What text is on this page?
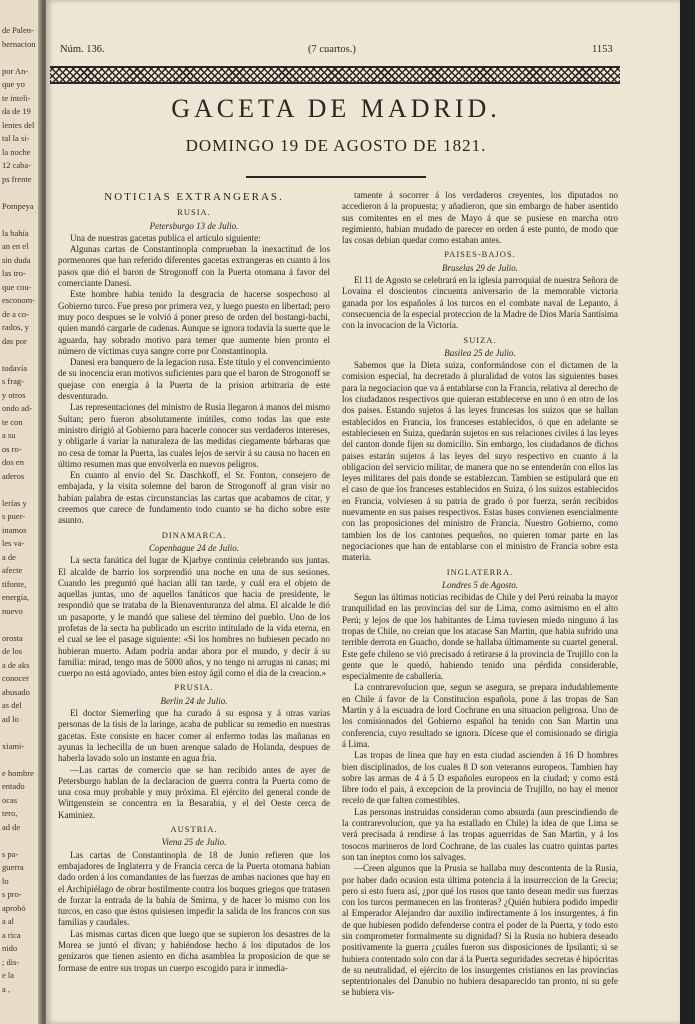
de Palen-
bernacion
por An-
que yo
te inteli-
da de 19
lentes del
tal la si-
la noche
12 caba-
ps frente
Pompeya
la bahía
an en el
sin duda
las tro-
que cou-
esconom-
de a co-
rados, y
das por
todavía
s frag-
y otros
ondo ad-
te con
a su
os ro-
dos en
aderos
lerías y
s puer-
inamos
les va-
a de
afecte
tifonte,
energía,
nuevo
orosta
de los
a de aks
conocer
abusado
as del
ad lo
xiami-
e hombre
entado
ocas
tero,
ad de
s pa-
guerra
lo
s pro-
aprobó
a al
a rica
nido
; dis-
e la
a ,
Núm. 136.	(7 cuartos.)	1153
GACETA DE MADRID.
DOMINGO 19 DE AGOSTO DE 1821.

NOTICIAS EXTRANGERAS.

RUSIA.

Petersburgo 13 de Julio.

Una de nuestras gacetas publica el artículo siguiente:

Algunas cartas de Constantinopla comprueban la inexactitud de los pormenores que han referido diferentes gacetas extrangeras en cuanto á los pasos que dió el baron de Strogonoff con la Puerta otomana á favor del comerciante Danesi.

Este hombre habia tenido la desgracia de hacerse sospechoso al Gobierno turco. Fue preso por primera vez, y luego puesto en libertad; pero muy poco despues se le volvió á poner preso de orden del bostangi-bachi, quien mandó cargarle de cadenas. Aunque se ignora todavía la suerte que le aguarda, hay sobrado motivo para temer que aumente bien pronto el número de víctimas cuya sangre corre por Constantinopla.

Danesi era banquero de la legacion rusa. Este título y el convencimiento de su inocencia eran motivos suficientes para que el baron de Strogonoff se quejase con energía á la Puerta de la prision arbitraria de este desventurado.

Las representaciones del ministro de Rusia llegaron á manos del mismo Sultan; pero fueron absolutamente inútiles, como todas las que este ministro dirigió al Gobierno para hacerle conocer sus verdaderos intereses, y obligarle á variar la naturaleza de las medidas ciegamente bárbaras que no cesa de tomar la Puerta, las cuales lejos de servir á su causa no hacen en último resumen mas que envolverla en nuevos peligros.

En cuanto al envío del Sr. Daschkoff, el Sr. Fonton, consejero de embajada, y la visita solemne del baron de Strogonoff al gran visir no habian palabra de estas circunstancias las cartas que acabamos de citar, y creemos que carece de fundamento todo cuanto se ha dicho sobre este asunto.

DINAMARCA.

Copenhague 24 de Julio.

La secta fanática del lugar de Kjarbye continúa celebrando sus juntas. El alcalde de barrio los sorprendió una noche en una de sus sesiones. Cuando les preguntó qué hacian allí tan tarde, y cuál era el objeto de aquellas juntas, uno de aquellos fanáticos que hacia de presidente, le respondió que se trataba de la Bienaventuranza del alma. El alcalde le dió un pasaporte, y le mandó que saliese del término del pueblo. Uno de los profetas de la secta ha publicado un escrito intitulado de la vida eterna, en el cual se lee el pasage siguiente: «Si los hombres no hubiesen pecado no hubieran muerto. Adam podria andar ahora por el mundo, y decir á su familia: mirad, tengo mas de 5000 años, y no tengo ni arrugas ni canas; mi cuerpo no está agoviado, antes bien estoy ágil como el dia de la creacion.»

PRUSIA.

Berlin 24 de Julio.

El doctor Siemerling que ha curado á su esposa y á otras varias personas de la tisis de la laringe, acaba de publicar su remedio en nuestras gacetas. Este consiste en hacer comer al enfermo todas las mañanas en ayunas la lechecilla de un buen arenque salado de Holanda, despues de haberla lavado solo un instante en agua fria.

—Las cartas de comercio que se han recibido antes de ayer de Petersburgo hablan de la declaracion de guerra contra la Puerta como de una cosa muy probable y muy próxima. El ejército del general conde de Wittgenstein se concentra en la Besarabia, y el del Oeste cerca de Kaminiez.

AUSTRIA.

Viena 25 de Julio.

Las cartas de Constantinopla de 18 de Junio refieren que los embajadores de Inglaterra y de Francia cerca de la Puerta otomana habian dado orden á los comandantes de las fuerzas de ambas naciones que hay en el Archipiélago de obrar hostilmente contra los buques griegos que tratasen de forzar la entrada de la bahía de Smirna, y de hacer lo mismo con los turcos, en caso que éstos quisiesen impedir la salida de los francos con sus familias y caudales.

Las mismas cartas dicen que luego que se supieron los desastres de la Morea se juntó el divan; y habiéndose hecho á los diputados de los genízaros que tienen asiento en dicha asamblea la proposicion de que se formase de entre sus tropas un cuerpo escogido para ir inmedia-

tamente á socorrer á los verdaderos creyentes, los diputados no accedieron á la propuesta; y añadieron, que sin embargo de haber asentido sus comitentes en el mes de Mayo á que se pusiese en marcha otro regimiento, habian mudado de parecer en orden á este punto, de modo que las cosas debian quedar como estaban antes.

PAISES-BAJOS.

Bruselas 29 de Julio.

El 11 de Agosto se celebrará en la iglesia parroquial de nuestra Señora de Lovaina el doscientos cincuenta aniversario de la memorable victoria ganada por los españoles á los turcos en el combate naval de Lepanto, á consecuencia de la especial proteccion de la Madre de Dios María Santísima con la invocacion de la Victoria.

SUIZA.

Basilea 25 de Julio.

Sabemos que la Dieta suiza, conformándose con el dictamen de la comision especial, ha decretado á pluralidad de votos las siguientes bases para la negociacion que va á entablarse con la Francia, relativa al derecho de los ciudadanos respectivos que quieran establecerse en uno ó en otro de los dos paises. Estando sujetos á las leyes francesas los suizos que se hallan establecidos en Francia, los franceses establecidos, ó que en adelante se estableciesen en Suiza, quedarán sujetos en sus relaciones civiles á las leyes del canton donde fijen su domicilio. Sin embargo, los ciudadanos de dichos paises estarán sujetos á las leyes del suyo respectivo en cuanto á la obligacion del servicio militar, de manera que no se entenderán con ellos las leyes militares del pais donde se establezcan. Tambien se estipulará que en el caso de que los franceses establecidos en Suiza, ó los suizos establecidos en Francia, volviesen á su patria de grado ó por fuerza, serán recibidos nuevamente en sus paises respectivos. Estas bases convienen esencialmente con las proposiciones del ministro de Francia. Nuestro Gobierno, como tambien los de los cantones pequeños, no quieren tomar parte en las negociaciones que han de entablarse con el ministro de Francia sobre esta materia.

INGLATERRA.

Londres 5 de Agosto.

Segun las últimas noticias recibidas de Chile y del Perú reinaba la mayor tranquilidad en las provincias del sur de Lima, como asimismo en el alto Perú; y lejos de que los habitantes de Lima tuviesen miedo ninguno á las tropas de Chile, no creian que los atacase San Martin, que habia sufrido una terrible derrota en Guacho, donde se hallaba últimamente su cuartel general. Este gefe chileno se vió precisado á retirarse á la provincia de Trujillo con la gente que le quedó, habiendo tenido una pérdida considerable, especialmente de caballería.

La contrarevolucion que, segun se asegura, se prepara indudablemente en Chile á favor de la Constitucion española, pone á las tropas de San Martin y á la escuadra de lord Cochrane en una situacion peligrosa. Uno de los comisionados del Gobierno español ha tenido con San Martin una conferencia, cuyo resultado se ignora. Dícese que el comisionado se dirigia á Lima.

Las tropas de línea que hay en esta ciudad ascienden á 16 D hombres bien disciplinados, de los cuales 8 D son veteranos europeos. Tambien hay sobre las armas de 4 á 5 D españoles europeos en la ciudad; y como está libre todo el pais, á excepcion de la provincia de Trujillo, no hay el menor recelo de que falten comestibles.

Las personas instruidas consideran como absurda (aun prescindiendo de la contrarevolucion, que ya ha estallado en Chile) la idea de que Lima se verá precisada á rendirse á las tropas aguerridas de San Martin, y á los tosocos marineros de lord Cochrane, de las cuales las cuatro quintas partes son tan ineptos como los salvages.

—Creen algunos que la Prusia se hallaba muy descontenta de la Rusia, por haber dado ocasion esta última potencia á la insurreccion de la Grecia; pero si esto fuera así, ¿por qué los rusos que tanto desean medir sus fuerzas con los turcos permanecen en las fronteras? ¿Quién hubiera podido impedir al Emperador Alejandro dar auxilio indirectamente á los insurgentes, á fin de que hubiesen podido defenderse contra el poder de la Puerta, y todo esto sin comprometer formalmente su dignidad? Si la Rusia no hubiera deseado positivamente la guerra ¿cuáles fueron sus disposiciones de Ipsilanti; si se hubiera contentado solo con dar á la Puerta seguridades secretas é hipócritas de su neutralidad, el ejército de los insurgentes cristianos en las provincias septentrionales del Danubio no hubiera desaparecido tan pronto, ni su gefe se hubiera vis-
